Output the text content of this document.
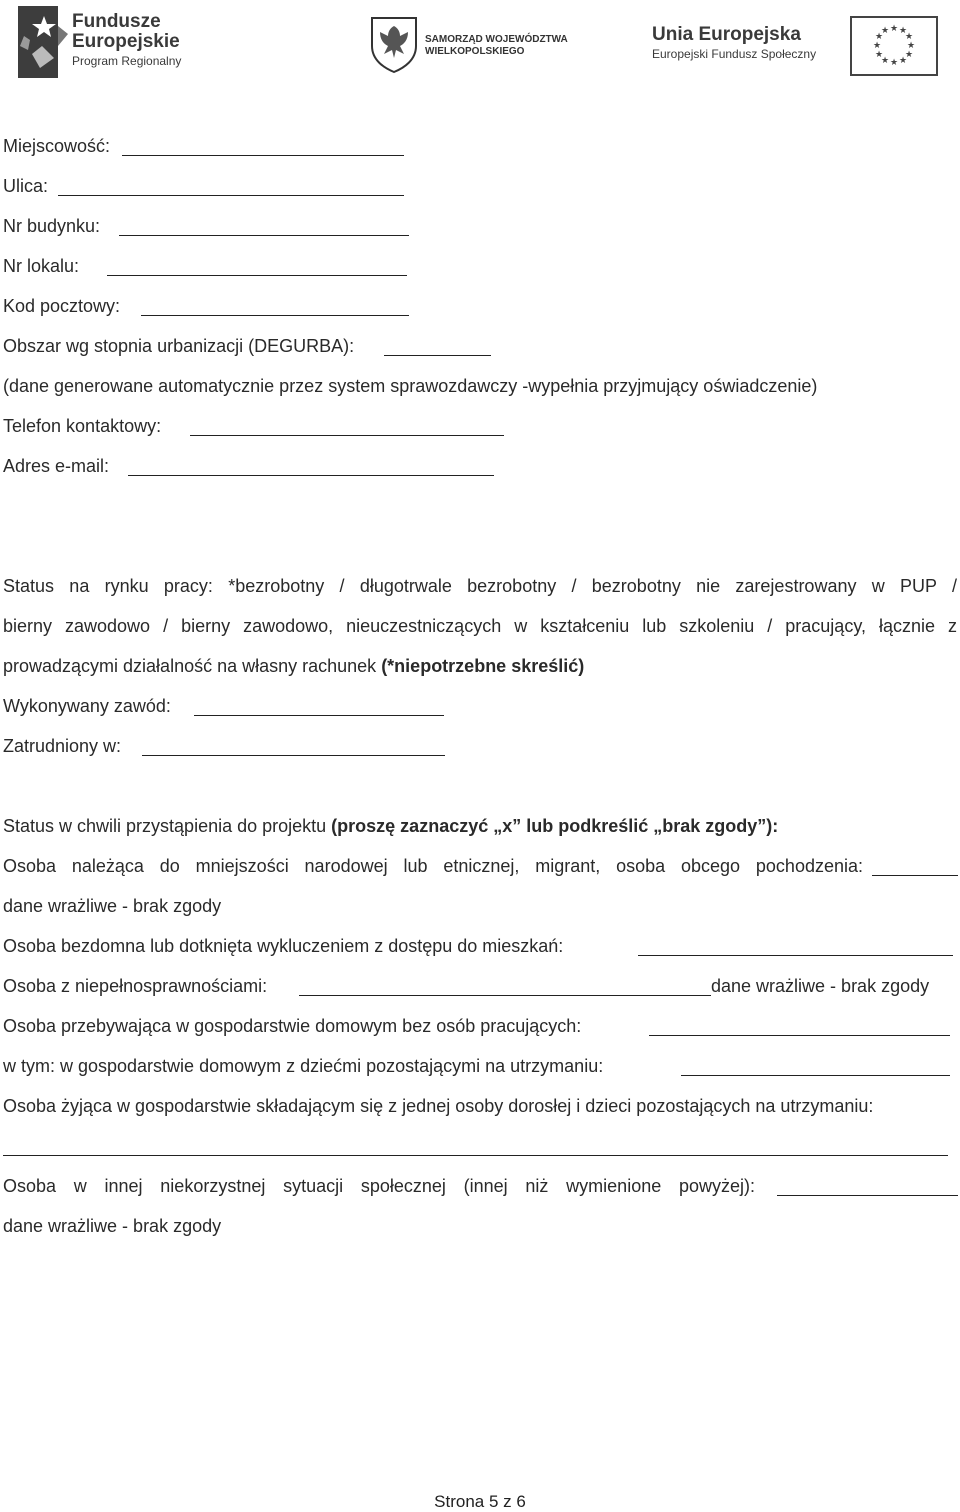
Fundusze
Europejskie
Program Regionalny
SAMORZĄD WOJEWÓDZTWA
WIELKOPOLSKIEGO
Unia Europejska
Europejski Fundusz Społeczny
★ ★
★
★
★
★
★
★
★
★
★
★
Miejscowość:
Ulica:
Nr budynku:
Nr lokalu:
Kod pocztowy:
Obszar wg stopnia urbanizacji (DEGURBA):
(dane generowane automatycznie przez system sprawozdawczy -wypełnia przyjmujący oświadczenie)
Telefon kontaktowy:
Adres e-mail:
Status na rynku pracy: *bezrobotny / długotrwale bezrobotny / bezrobotny nie zarejestrowany w PUP /
bierny zawodowo / bierny zawodowo, nieuczestniczących w kształceniu lub szkoleniu / pracujący, łącznie z
prowadzącymi działalność na własny rachunek (*niepotrzebne skreślić)
Wykonywany zawód:
Zatrudniony w:
Status w chwili przystąpienia do projektu (proszę zaznaczyć „x” lub podkreślić „brak zgody”):
Osoba należąca do mniejszości narodowej lub etnicznej, migrant, osoba obcego pochodzenia:
dane wrażliwe - brak zgody
Osoba bezdomna lub dotknięta wykluczeniem z dostępu do mieszkań:
Osoba z niepełnosprawnościami:	dane wrażliwe - brak zgody
Osoba przebywająca w gospodarstwie domowym bez osób pracujących:
w tym: w gospodarstwie domowym z dziećmi pozostającymi na utrzymaniu:
Osoba żyjąca w gospodarstwie składającym się z jednej osoby dorosłej i dzieci pozostających na utrzymaniu:
Osoba w innej niekorzystnej sytuacji społecznej (innej niż wymienione powyżej):
dane wrażliwe - brak zgody
Strona 5 z 6
